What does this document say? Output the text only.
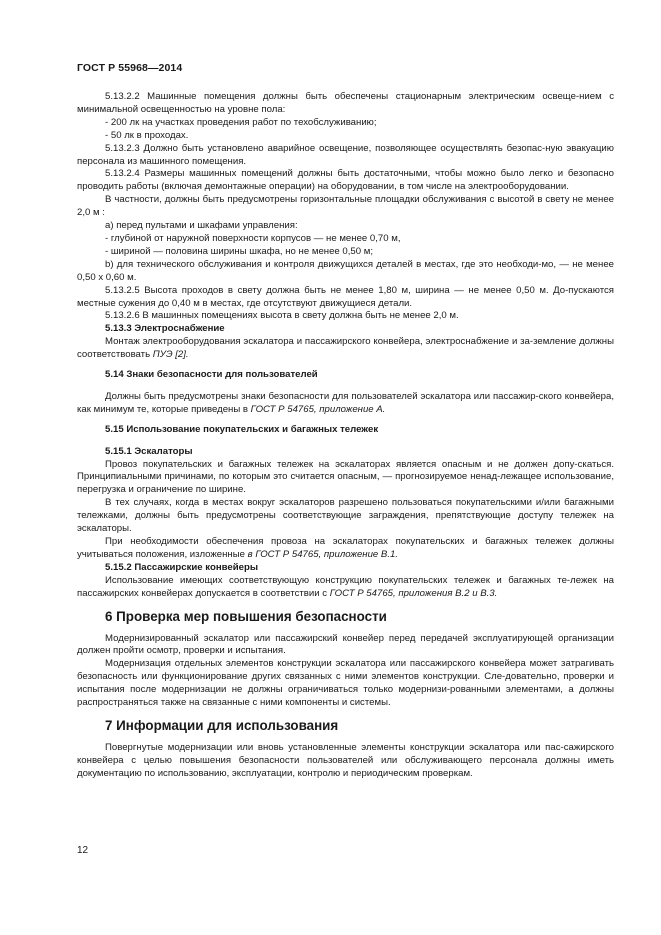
ГОСТ Р 55968—2014

5.13.2.2 Машинные помещения должны быть обеспечены стационарным электрическим освеще-нием с минимальной освещенностью на уровне пола:

- 200 лк на участках проведения работ по техобслуживанию;

- 50 лк в проходах.

5.13.2.3 Должно быть установлено аварийное освещение, позволяющее осуществлять безопас-ную эвакуацию персонала из машинного помещения.

5.13.2.4 Размеры машинных помещений должны быть достаточными, чтобы можно было легко и безопасно проводить работы (включая демонтажные операции) на оборудовании, в том числе на электрооборудовании.

В частности, должны быть предусмотрены горизонтальные площадки обслуживания с высотой в свету не менее 2,0 м :

a) перед пультами и шкафами управления:

- глубиной от наружной поверхности корпусов — не менее 0,70 м,

- шириной — половина ширины шкафа, но не менее 0,50 м;

b) для технического обслуживания и контроля движущихся деталей в местах, где это необходи-мо, — не менее 0,50 х 0,60 м.

5.13.2.5 Высота проходов в свету должна быть не менее 1,80 м, ширина — не менее 0,50 м. До-пускаются местные сужения до 0,40 м в местах, где отсутствуют движущиеся детали.

5.13.2.6 В машинных помещениях высота в свету должна быть не менее 2,0 м.

5.13.3 Электроснабжение

Монтаж электрооборудования эскалатора и пассажирского конвейера, электроснабжение и за-земление должны соответствовать ПУЭ [2].

5.14 Знаки безопасности для пользователей

Должны быть предусмотрены знаки безопасности для пользователей эскалатора или пассажир-ского конвейера, как минимум те, которые приведены в ГОСТ Р 54765, приложение А.

5.15 Использование покупательских и багажных тележек

5.15.1 Эскалаторы

Провоз покупательских и багажных тележек на эскалаторах является опасным и не должен допу-скаться. Принципиальными причинами, по которым это считается опасным, — прогнозируемое ненад-лежащее использование, перегрузка и ограничение по ширине.

В тех случаях, когда в местах вокруг эскалаторов разрешено пользоваться покупательскими и/или багажными тележками, должны быть предусмотрены соответствующие заграждения, препятствующие доступу тележек на эскалаторы.

При необходимости обеспечения провоза на эскалаторах покупательских и багажных тележек должны учитываться положения, изложенные в ГОСТ Р 54765, приложение В.1.

5.15.2 Пассажирские конвейеры

Использование имеющих соответствующую конструкцию покупательских тележек и багажных те-лежек на пассажирских конвейерах допускается в соответствии с ГОСТ Р 54765, приложения В.2 и В.3.

6 Проверка мер повышения безопасности

Модернизированный эскалатор или пассажирский конвейер перед передачей эксплуатирующей организации должен пройти осмотр, проверки и испытания.

Модернизация отдельных элементов конструкции эскалатора или пассажирского конвейера может затрагивать безопасность или функционирование других связанных с ними элементов конструкции. Сле-довательно, проверки и испытания после модернизации не должны ограничиваться только модернизи-рованными элементами, а должны распространяться также на связанные с ними компоненты и системы.

7 Информации для использования

Повергнутые модернизации или вновь установленные элементы конструкции эскалатора или пас-сажирского конвейера с целью повышения безопасности пользователей или обслуживающего персонала должны иметь документацию по использованию, эксплуатации, контролю и периодическим проверкам.

12
